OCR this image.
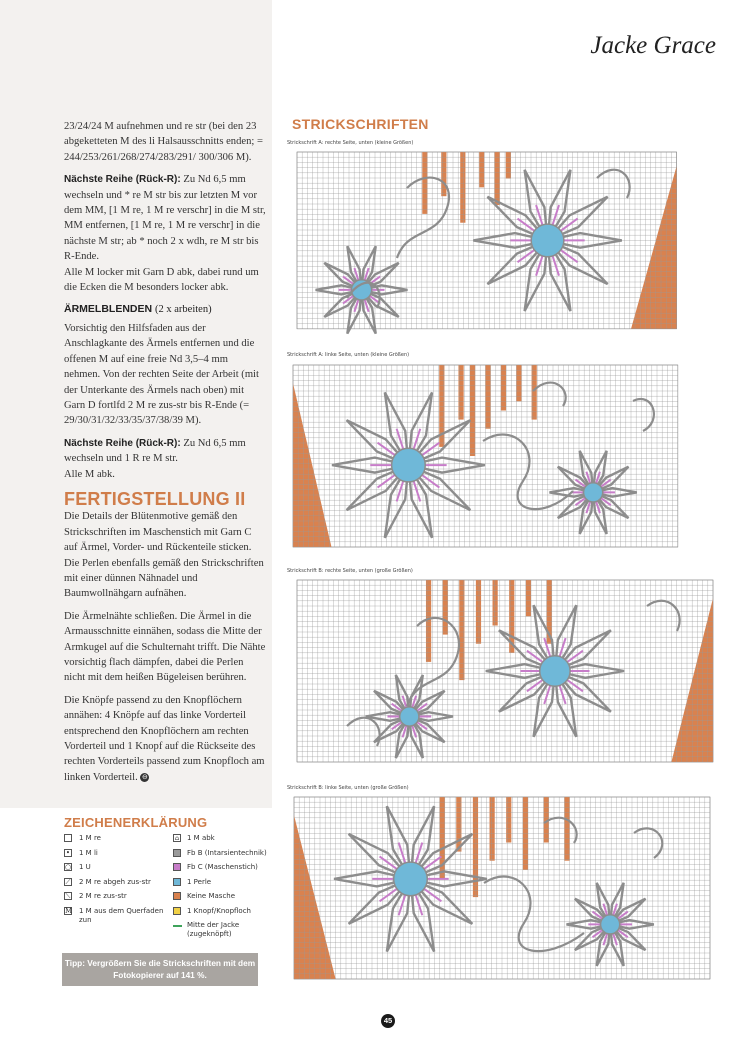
Jacke Grace

23/24/24 M aufnehmen und re str (bei den 23 abgeketteten M des li Halsausschnitts enden; = 244/253/261/268/274/283/291/ 300/306 M).

Nächste Reihe (Rück-R): Zu Nd 6,5 mm wechseln und * re M str bis zur letzten M vor dem MM, [1 M re, 1 M re verschr] in die M str, MM entfernen, [1 M re, 1 M re verschr] in die nächste M str; ab * noch 2 x wdh, re M str bis R-Ende.
Alle M locker mit Garn D abk, dabei rund um die Ecken die M besonders locker abk.

ÄRMELBLENDEN (2 x arbeiten)

Vorsichtig den Hilfsfaden aus der Anschlagkante des Ärmels entfernen und die offenen M auf eine freie Nd 3,5–4 mm nehmen. Von der rechten Seite der Arbeit (mit der Unterkante des Ärmels nach oben) mit Garn D fortlfd 2 M re zus-str bis R-Ende (= 29/30/31/32/33/35/37/38/39 M).

Nächste Reihe (Rück-R): Zu Nd 6,5 mm wechseln und 1 R re M str.
Alle M abk.

FERTIGSTELLUNG II

Die Details der Blütenmotive gemäß den Strickschriften im Maschenstich mit Garn C auf Ärmel, Vorder- und Rückenteile sticken. Die Perlen ebenfalls gemäß den Strickschriften mit einer dünnen Nähnadel und Baumwollnähgarn aufnähen.

Die Ärmelnähte schließen. Die Ärmel in die Armausschnitte einnähen, sodass die Mitte der Armkugel auf die Schulternaht trifft. Die Nähte vorsichtig flach dämpfen, dabei die Perlen nicht mit dem heißen Bügeleisen berühren.

Die Knöpfe passend zu den Knopflöchern annähen: 4 Knöpfe auf das linke Vorderteil entsprechend den Knopflöchern am rechten Vorderteil und 1 Knopf auf die Rückseite des rechten Vorderteils passend zum Knopfloch am linken Vorderteil. ⊖

STRICKSCHRIFTEN
Strickschrift A: rechte Seite, unten (kleine Größen)
Strickschrift A: linke Seite, unten (kleine Größen)
Strickschrift B: rechte Seite, unten (große Größen)
Strickschrift B: linke Seite, unten (große Größen)
ZEICHENERKLÄRUNG
1 M re
• 1 M li
○ 1 U
⟋ 2 M re abgeh zus-str
⟍ 2 M re zus-str
M 1 M aus dem Querfaden zun
⌂ 1 M abk
Fb B (Intarsientechnik)
Fb C (Maschenstich)
1 Perle
Keine Masche
1 Knopf/Knopfloch
Mitte der Jacke (zugeknöpft)
Tipp: Vergrößern Sie die Strickschriften mit dem Fotokopierer auf 141 %.
45
